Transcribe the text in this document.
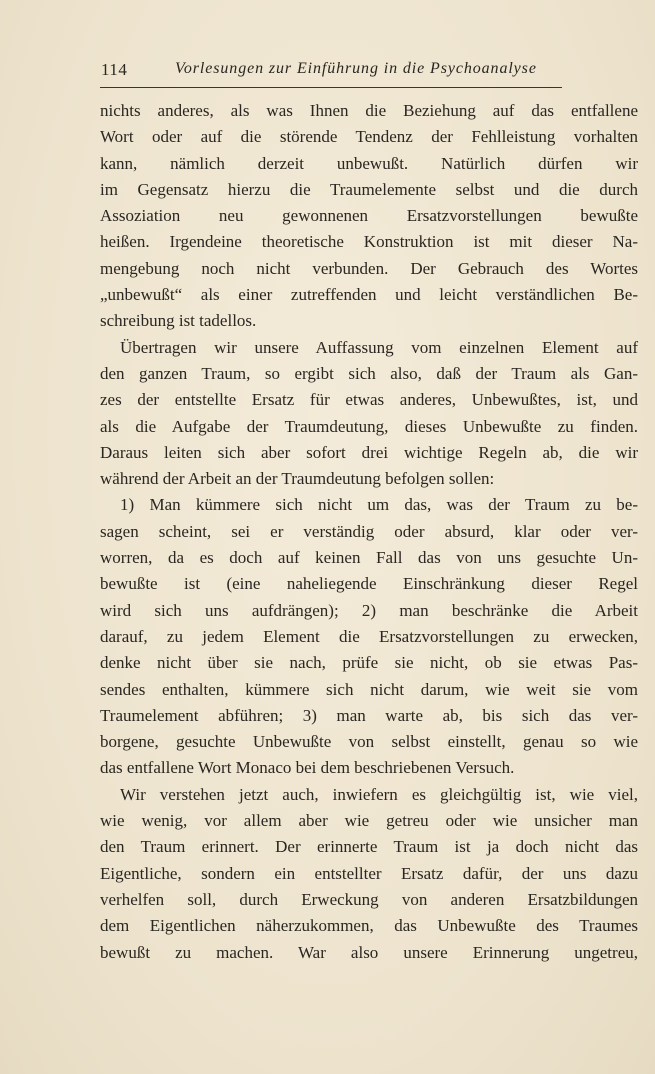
114	Vorlesungen zur Einführung in die Psychoanalyse
nichts anderes, als was Ihnen die Beziehung auf das entfallene
Wort oder auf die störende Tendenz der Fehlleistung vorhalten
kann, nämlich derzeit unbewußt. Natürlich dürfen wir
im Gegensatz hierzu die Traumelemente selbst und die durch
Assoziation neu gewonnenen Ersatzvorstellungen bewußte
heißen. Irgendeine theoretische Konstruktion ist mit dieser Na-
mengebung noch nicht verbunden. Der Gebrauch des Wortes
„unbewußt“ als einer zutreffenden und leicht verständlichen Be-
schreibung ist tadellos.
Übertragen wir unsere Auffassung vom einzelnen Element auf
den ganzen Traum, so ergibt sich also, daß der Traum als Gan-
zes der entstellte Ersatz für etwas anderes, Unbewußtes, ist, und
als die Aufgabe der Traumdeutung, dieses Unbewußte zu finden.
Daraus leiten sich aber sofort drei wichtige Regeln ab, die wir
während der Arbeit an der Traumdeutung befolgen sollen:
1) Man kümmere sich nicht um das, was der Traum zu be-
sagen scheint, sei er verständig oder absurd, klar oder ver-
worren, da es doch auf keinen Fall das von uns gesuchte Un-
bewußte ist (eine naheliegende Einschränkung dieser Regel
wird sich uns aufdrängen); 2) man beschränke die Arbeit
darauf, zu jedem Element die Ersatzvorstellungen zu erwecken,
denke nicht über sie nach, prüfe sie nicht, ob sie etwas Pas-
sendes enthalten, kümmere sich nicht darum, wie weit sie vom
Traumelement abführen; 3) man warte ab, bis sich das ver-
borgene, gesuchte Unbewußte von selbst einstellt, genau so wie
das entfallene Wort Monaco bei dem beschriebenen Versuch.
Wir verstehen jetzt auch, inwiefern es gleichgültig ist, wie viel,
wie wenig, vor allem aber wie getreu oder wie unsicher man
den Traum erinnert. Der erinnerte Traum ist ja doch nicht das
Eigentliche, sondern ein entstellter Ersatz dafür, der uns dazu
verhelfen soll, durch Erweckung von anderen Ersatzbildungen
dem Eigentlichen näherzukommen, das Unbewußte des Traumes
bewußt zu machen. War also unsere Erinnerung ungetreu,
